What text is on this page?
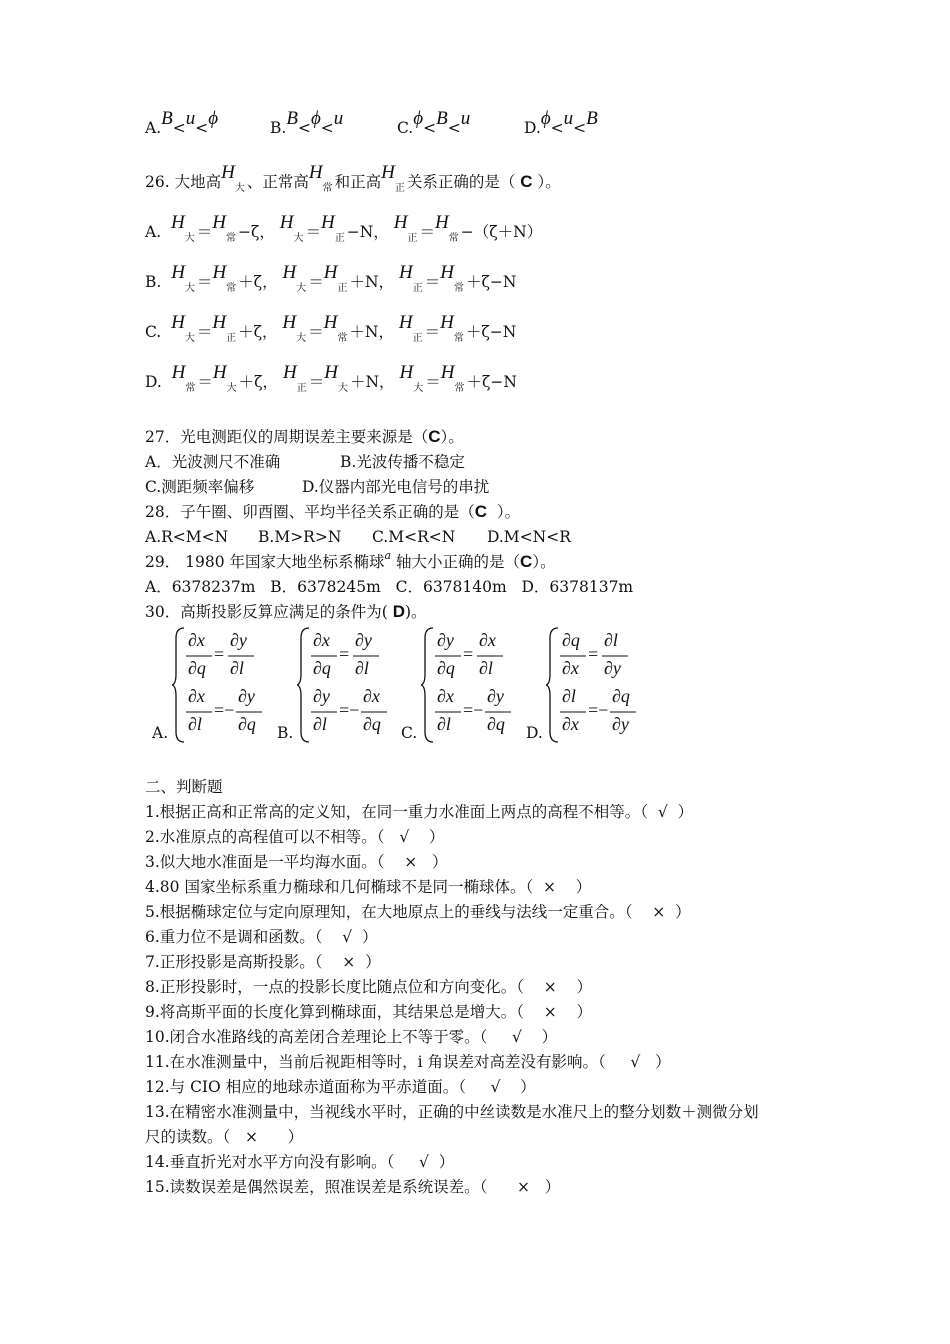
A.B<u<ϕ	B.B<ϕ<u	C.ϕ<B<u	D.ϕ<u<B
26. 大地高$H_大$ 、正常高$H_常$ 和正高$H_正$ 关系正确的是（ C ）。
A. $H_大 =H_常 -\zeta$， $H_大 =H_正 -N$， $H_正 =H_常 -(\zeta+N)$
B. $H_大 =H_常 +\zeta$， $H_大 =H_正 +N$， $H_正 =H_常 +\zeta-N$
C. $H_大 =H_正 +\zeta$， $H_大 =H_常 +N$， $H_正 =H_常 +\zeta-N$
D. $H_常 =H_大 +\zeta$， $H_正 =H_大 +N$， $H_大 =H_常 +\zeta-N$
27．光电测距仪的周期误差主要来源是（C）。
A．光波测尺不准确	B.光波传播不稳定
C.测距频率偏移	D.仪器内部光电信号的串扰
28．子午圈、卯酉圈、平均半径关系正确的是（C ）。
A.R<M<N B.M>R>N C.M<R<N D.M<N<R
29． 1980 年国家大地坐标系椭球$^a$ 轴大小正确的是（C）。
A．6378237m   B．6378245m   C．6378140m   D．6378137m
30．高斯投影反算应满足的条件为( D)。
∂x
∂q
=
∂y
∂l
∂x
∂l
=−
∂y
∂q
A.
∂x
∂q
=
∂y
∂l
∂y
∂l
=−
∂x
∂q
B.
∂y
∂q
=
∂x
∂l
∂x
∂l
=−
∂y
∂q
C.
∂q
∂x
=
∂l
∂y
∂l
∂x
=−
∂q
∂y
D.
二、判断题
1.根据正高和正常高的定义知，在同一重力水准面上两点的高程不相等。（  √  ）
2.水准原点的高程值可以不相等。（   √    ）
3.似大地水准面是一平均海水面。（    ×   ）
4.80 国家坐标系重力椭球和几何椭球不是同一椭球体。（  ×    ）
5.根据椭球定位与定向原理知，在大地原点上的垂线与法线一定重合。（    ×  ）
6.重力位不是调和函数。（    √  ）
7.正形投影是高斯投影。（    ×  ）
8.正形投影时，一点的投影长度比随点位和方向变化。（    ×    ）
9.将高斯平面的长度化算到椭球面，其结果总是增大。（    ×    ）
10.闭合水准路线的高差闭合差理论上不等于零。（     √    ）
11.在水准测量中，当前后视距相等时，i 角误差对高差没有影响。（     √   ）
12.与 CIO 相应的地球赤道面称为平赤道面。（     √    ）
13.在精密水准测量中，当视线水平时，正确的中丝读数是水准尺上的整分划数＋测微分划
尺的读数。（   ×      ）
14.垂直折光对水平方向没有影响。（     √  ）
15.读数误差是偶然误差，照准误差是系统误差。（      ×   ）
